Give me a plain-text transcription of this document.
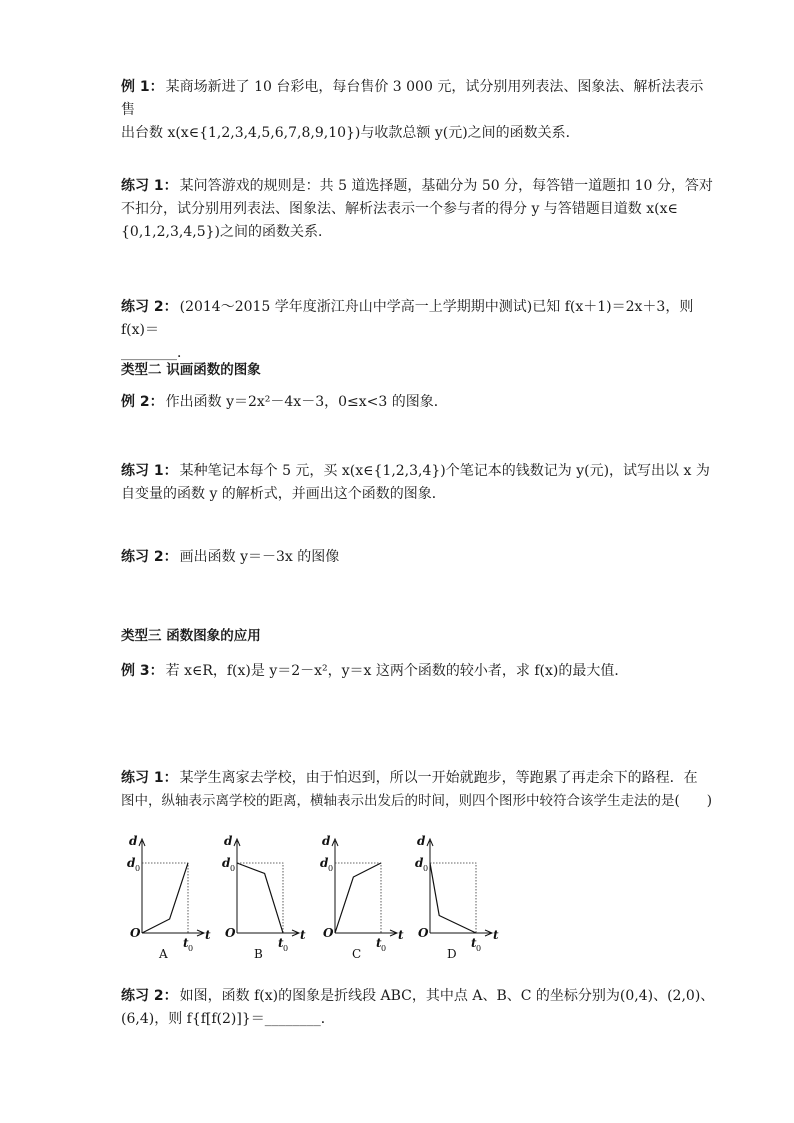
例 1： 某商场新进了 10 台彩电，每台售价 3 000 元，试分别用列表法、图象法、解析法表示售
出台数 x(x∈{1,2,3,4,5,6,7,8,9,10})与收款总额 y(元)之间的函数关系．
练习 1： 某问答游戏的规则是：共 5 道选择题，基础分为 50 分，每答错一道题扣 10 分，答对
不扣分，试分别用列表法、图象法、解析法表示一个参与者的得分 y 与答错题目道数 x(x∈
{0,1,2,3,4,5})之间的函数关系．
练习 2： (2014～2015 学年度浙江舟山中学高一上学期期中测试)已知 f(x＋1)＝2x＋3，则 f(x)＝
________．
类型二 识画函数的图象
例 2： 作出函数 y＝2x²－4x－3，0≤x<3 的图象．
练习 1： 某种笔记本每个 5 元，买 x(x∈{1,2,3,4})个笔记本的钱数记为 y(元)，试写出以 x 为
自变量的函数 y 的解析式，并画出这个函数的图象．
练习 2： 画出函数 y＝－3x 的图像
类型三 函数图象的应用
例 3： 若 x∈R，f(x)是 y＝2－x²，y＝x 这两个函数的较小者，求 f(x)的最大值．
练习 1： 某学生离家去学校，由于怕迟到，所以一开始就跑步，等跑累了再走余下的路程．在
图中，纵轴表示离学校的距离，横轴表示出发后的时间，则四个图形中较符合该学生走法的是(　　)
d
d 0
O
t 0
t
A
d
d 0
O
t 0
t
B
d
d 0
O
t 0
t
C
d
d 0
O
t 0
t
D
练习 2： 如图，函数 f(x)的图象是折线段 ABC，其中点 A、B、C 的坐标分别为(0,4)、(2,0)、
(6,4)，则 f{f[f(2)]}＝________．
